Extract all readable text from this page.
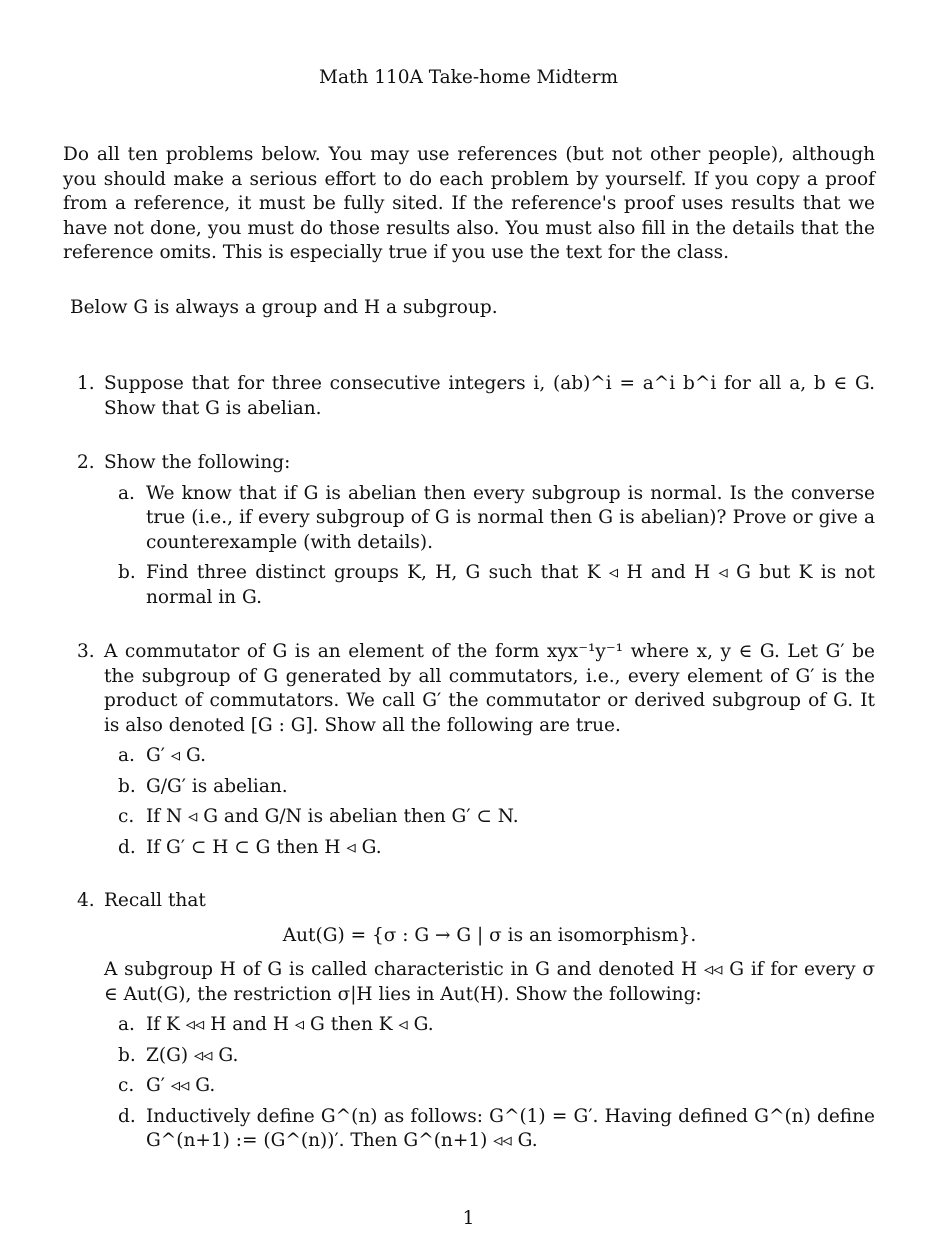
Math 110A Take-home Midterm
Do all ten problems below. You may use references (but not other people), although you should make a serious effort to do each problem by yourself. If you copy a proof from a reference, it must be fully sited. If the reference's proof uses results that we have not done, you must do those results also. You must also fill in the details that the reference omits. This is especially true if you use the text for the class.
Below G is always a group and H a subgroup.
1. Suppose that for three consecutive integers i, (ab)^i = a^i b^i for all a, b ∈ G. Show that G is abelian.
2. Show the following:
a. We know that if G is abelian then every subgroup is normal. Is the converse true (i.e., if every subgroup of G is normal then G is abelian)? Prove or give a counterexample (with details).
b. Find three distinct groups K, H, G such that K ◃ H and H ◃ G but K is not normal in G.
3. A commutator of G is an element of the form xyx⁻¹y⁻¹ where x, y ∈ G. Let G′ be the subgroup of G generated by all commutators, i.e., every element of G′ is the product of commutators. We call G′ the commutator or derived subgroup of G. It is also denoted [G : G]. Show all the following are true.
a. G′ ◃ G.
b. G/G′ is abelian.
c. If N ◃ G and G/N is abelian then G′ ⊂ N.
d. If G′ ⊂ H ⊂ G then H ◃ G.
4. Recall that
Aut(G) = {σ : G → G | σ is an isomorphism}.
A subgroup H of G is called characteristic in G and denoted H ◃◃ G if for every σ ∈ Aut(G), the restriction σ|H lies in Aut(H). Show the following:
a. If K ◃◃ H and H ◃ G then K ◃ G.
b. Z(G) ◃◃ G.
c. G′ ◃◃ G.
d. Inductively define G^(n) as follows: G^(1) = G′. Having defined G^(n) define G^(n+1) := (G^(n))′. Then G^(n+1) ◃◃ G.
1
